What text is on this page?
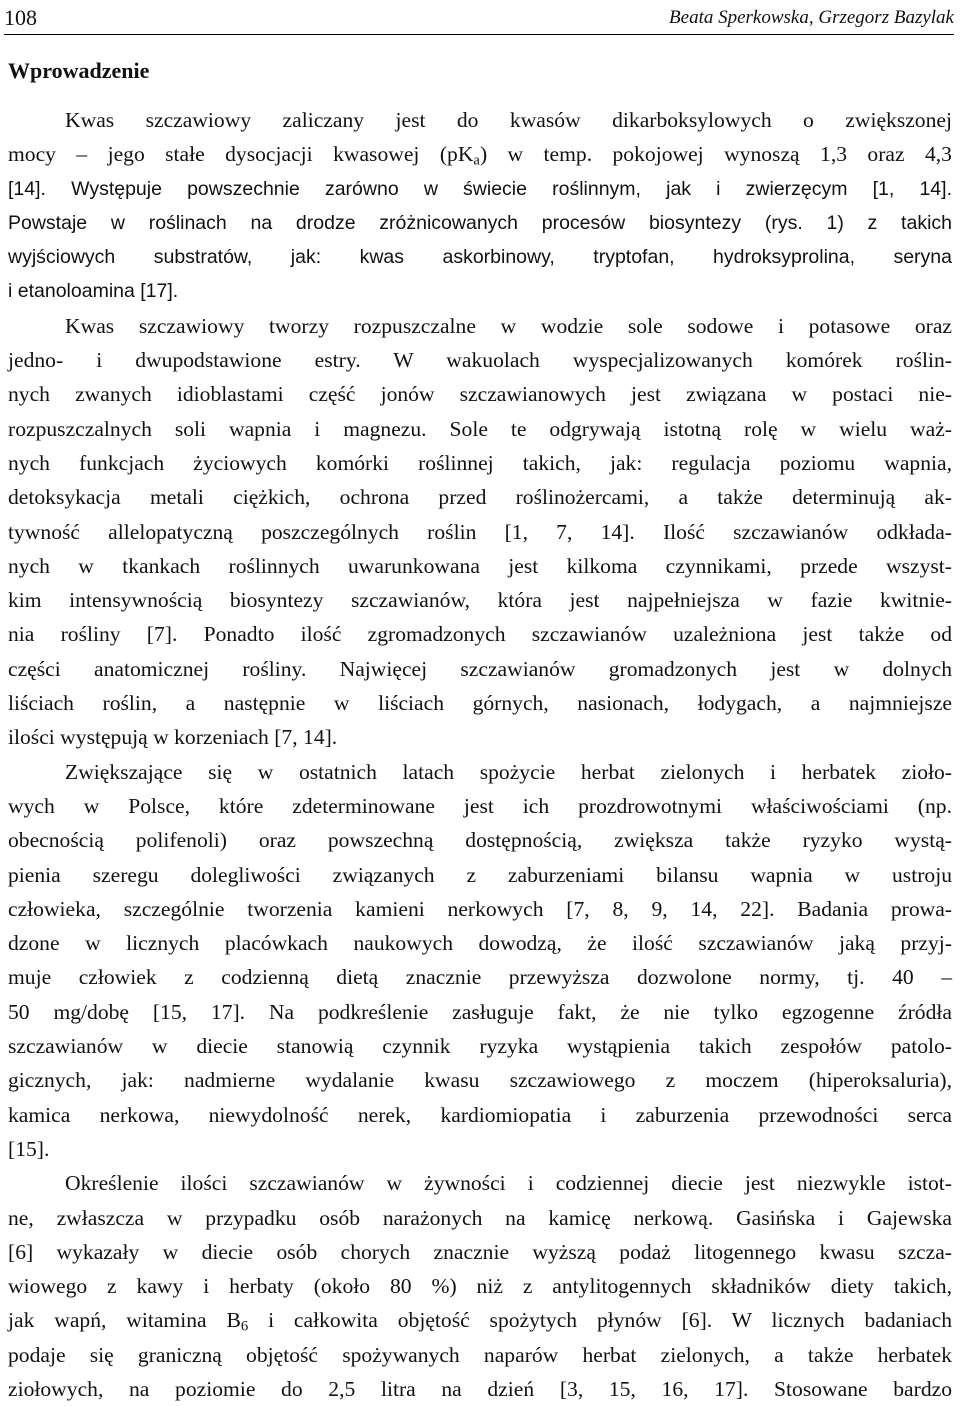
108	Beata Sperkowska, Grzegorz Bazylak
Wprowadzenie
Kwas szczawiowy zaliczany jest do kwasów dikarboksylowych o zwiększonej
mocy – jego stałe dysocjacji kwasowej $(pK_a)$ w temp. pokojowej wynoszą 1,3 oraz 4,3
[14]. Występuje powszechnie zarówno w świecie roślinnym, jak i zwierzęcym [1, 14].
Powstaje w roślinach na drodze zróżnicowanych procesów biosyntezy (rys. 1) z takich
wyjściowych substratów, jak: kwas askorbinowy, tryptofan, hydroksyprolina, seryna
i etanoloamina [17].
Kwas szczawiowy tworzy rozpuszczalne w wodzie sole sodowe i potasowe oraz
jedno- i dwupodstawione estry. W wakuolach wyspecjalizowanych komórek roślin-
nych zwanych idioblastami część jonów szczawianowych jest związana w postaci nie-
rozpuszczalnych soli wapnia i magnezu. Sole te odgrywają istotną rolę w wielu waż-
nych funkcjach życiowych komórki roślinnej takich, jak: regulacja poziomu wapnia,
detoksykacja metali ciężkich, ochrona przed roślinożercami, a także determinują ak-
tywność allelopatyczną poszczególnych roślin [1, 7, 14]. Ilość szczawianów odkłada-
nych w tkankach roślinnych uwarunkowana jest kilkoma czynnikami, przede wszyst-
kim intensywnością biosyntezy szczawianów, która jest najpełniejsza w fazie kwitnie-
nia rośliny [7]. Ponadto ilość zgromadzonych szczawianów uzależniona jest także od
części anatomicznej rośliny. Najwięcej szczawianów gromadzonych jest w dolnych
liściach roślin, a następnie w liściach górnych, nasionach, łodygach, a najmniejsze
ilości występują w korzeniach [7, 14].
Zwiększające się w ostatnich latach spożycie herbat zielonych i herbatek zioło-
wych w Polsce, które zdeterminowane jest ich prozdrowotnymi właściwościami (np.
obecnością polifenoli) oraz powszechną dostępnością, zwiększa także ryzyko wystą-
pienia szeregu dolegliwości związanych z zaburzeniami bilansu wapnia w ustroju
człowieka, szczególnie tworzenia kamieni nerkowych [7, 8, 9, 14, 22]. Badania prowa-
dzone w licznych placówkach naukowych dowodzą, że ilość szczawianów jaką przyj-
muje człowiek z codzienną dietą znacznie przewyższa dozwolone normy, tj. 40 –
50 mg/dobę [15, 17]. Na podkreślenie zasługuje fakt, że nie tylko egzogenne źródła
szczawianów w diecie stanowią czynnik ryzyka wystąpienia takich zespołów patolo-
gicznych, jak: nadmierne wydalanie kwasu szczawiowego z moczem (hiperoksaluria),
kamica nerkowa, niewydolność nerek, kardiomiopatia i zaburzenia przewodności serca
[15].
Określenie ilości szczawianów w żywności i codziennej diecie jest niezwykle istot-
ne, zwłaszcza w przypadku osób narażonych na kamicę nerkową. Gasińska i Gajewska
[6] wykazały w diecie osób chorych znacznie wyższą podaż litogennego kwasu szcza-
wiowego z kawy i herbaty (około 80 %) niż z antylitogennych składników diety takich,
jak wapń, witamina $B_6$ i całkowita objętość spożytych płynów [6]. W licznych badaniach
podaje się graniczną objętość spożywanych naparów herbat zielonych, a także herbatek
ziołowych, na poziomie do 2,5 litra na dzień [3, 15, 16, 17]. Stosowane bardzo
